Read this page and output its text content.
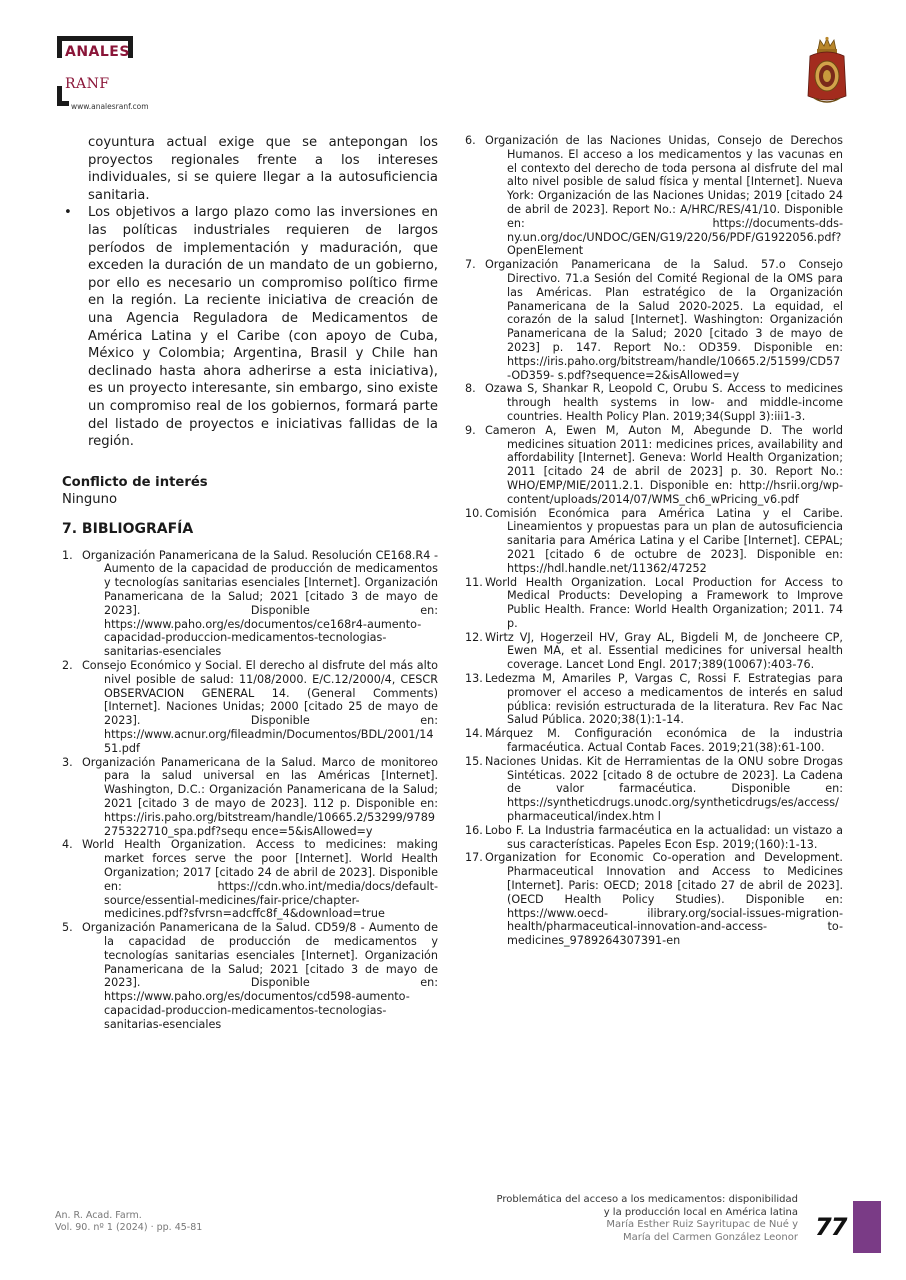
ANALES
RANF
www.analesranf.com
coyuntura actual exige que se antepongan los proyectos regionales frente a los intereses individuales, si se quiere llegar a la autosuficiencia sanitaria.
• Los objetivos a largo plazo como las inversiones en las políticas industriales requieren de largos períodos de implementación y maduración, que exceden la duración de un mandato de un gobierno, por ello es necesario un compromiso político firme en la región. La reciente iniciativa de creación de una Agencia Reguladora de Medicamentos de América Latina y el Caribe (con apoyo de Cuba, México y Colombia; Argentina, Brasil y Chile han declinado hasta ahora adherirse a esta iniciativa), es un proyecto interesante, sin embargo, sino existe un compromiso real de los gobiernos, formará parte del listado de proyectos e iniciativas fallidas de la región.
Conflicto de interés
Ninguno
7. BIBLIOGRAFÍA
1. Organización Panamericana de la Salud. Resolución CE168.R4 - Aumento de la capacidad de producción de medicamentos y tecnologías sanitarias esenciales [Internet]. Organización Panamericana de la Salud; 2021 [citado 3 de mayo de 2023]. Disponible en: https://www.paho.org/es/documentos/ce168r4-aumento-capacidad-produccion-medicamentos-tecnologias-sanitarias-esenciales
2. Consejo Económico y Social. El derecho al disfrute del más alto nivel posible de salud: 11/08/2000. E/C.12/2000/4, CESCR OBSERVACION GENERAL 14. (General Comments) [Internet]. Naciones Unidas; 2000 [citado 25 de mayo de 2023]. Disponible en: https://www.acnur.org/fileadmin/Documentos/BDL/2001/1451.pdf
3. Organización Panamericana de la Salud. Marco de monitoreo para la salud universal en las Américas [Internet]. Washington, D.C.: Organización Panamericana de la Salud; 2021 [citado 3 de mayo de 2023]. 112 p. Disponible en: https://iris.paho.org/bitstream/handle/10665.2/53299/9789275322710_spa.pdf?sequ ence=5&isAllowed=y
4. World Health Organization. Access to medicines: making market forces serve the poor [Internet]. World Health Organization; 2017 [citado 24 de abril de 2023]. Disponible en: https://cdn.who.int/media/docs/default-source/essential-medicines/fair-price/chapter-medicines.pdf?sfvrsn=adcffc8f_4&download=true
5. Organización Panamericana de la Salud. CD59/8 - Aumento de la capacidad de producción de medicamentos y tecnologías sanitarias esenciales [Internet]. Organización Panamericana de la Salud; 2021 [citado 3 de mayo de 2023]. Disponible en: https://www.paho.org/es/documentos/cd598-aumento-capacidad-produccion-medicamentos-tecnologias-sanitarias-esenciales
6. Organización de las Naciones Unidas, Consejo de Derechos Humanos. El acceso a los medicamentos y las vacunas en el contexto del derecho de toda persona al disfrute del mal alto nivel posible de salud física y mental [Internet]. Nueva York: Organización de las Naciones Unidas; 2019 [citado 24 de abril de 2023]. Report No.: A/HRC/RES/41/10. Disponible en: https://documents-dds-ny.un.org/doc/UNDOC/GEN/G19/220/56/PDF/G1922056.pdf?OpenElement
7. Organización Panamericana de la Salud. 57.o Consejo Directivo. 71.a Sesión del Comité Regional de la OMS para las Américas. Plan estratégico de la Organización Panamericana de la Salud 2020-2025. La equidad, el corazón de la salud [Internet]. Washington: Organización Panamericana de la Salud; 2020 [citado 3 de mayo de 2023] p. 147. Report No.: OD359. Disponible en: https://iris.paho.org/bitstream/handle/10665.2/51599/CD57-OD359- s.pdf?sequence=2&isAllowed=y
8. Ozawa S, Shankar R, Leopold C, Orubu S. Access to medicines through health systems in low- and middle-income countries. Health Policy Plan. 2019;34(Suppl 3):iii1-3.
9. Cameron A, Ewen M, Auton M, Abegunde D. The world medicines situation 2011: medicines prices, availability and affordability [Internet]. Geneva: World Health Organization; 2011 [citado 24 de abril de 2023] p. 30. Report No.: WHO/EMP/MIE/2011.2.1. Disponible en: http://hsrii.org/wp-content/uploads/2014/07/WMS_ch6_wPricing_v6.pdf
10. Comisión Económica para América Latina y el Caribe. Lineamientos y propuestas para un plan de autosuficiencia sanitaria para América Latina y el Caribe [Internet]. CEPAL; 2021 [citado 6 de octubre de 2023]. Disponible en: https://hdl.handle.net/11362/47252
11. World Health Organization. Local Production for Access to Medical Products: Developing a Framework to Improve Public Health. France: World Health Organization; 2011. 74 p.
12. Wirtz VJ, Hogerzeil HV, Gray AL, Bigdeli M, de Joncheere CP, Ewen MA, et al. Essential medicines for universal health coverage. Lancet Lond Engl. 2017;389(10067):403-76.
13. Ledezma M, Amariles P, Vargas C, Rossi F. Estrategias para promover el acceso a medicamentos de interés en salud pública: revisión estructurada de la literatura. Rev Fac Nac Salud Pública. 2020;38(1):1-14.
14. Márquez M. Configuración económica de la industria farmacéutica. Actual Contab Faces. 2019;21(38):61-100.
15. Naciones Unidas. Kit de Herramientas de la ONU sobre Drogas Sintéticas. 2022 [citado 8 de octubre de 2023]. La Cadena de valor farmacéutica. Disponible en: https://syntheticdrugs.unodc.org/syntheticdrugs/es/access/pharmaceutical/index.htm l
16. Lobo F. La Industria farmacéutica en la actualidad: un vistazo a sus características. Papeles Econ Esp. 2019;(160):1-13.
17. Organization for Economic Co-operation and Development. Pharmaceutical Innovation and Access to Medicines [Internet]. Paris: OECD; 2018 [citado 27 de abril de 2023]. (OECD Health Policy Studies). Disponible en: https://www.oecd- ilibrary.org/social-issues-migration-health/pharmaceutical-innovation-and-access- to-medicines_9789264307391-en
An. R. Acad. Farm.
Vol. 90. nº 1 (2024) · pp. 45-81
Problemática del acceso a los medicamentos: disponibilidad
y la producción local en América latina
María Esther Ruiz Sayritupac de Nué y
María del Carmen González Leonor 77
